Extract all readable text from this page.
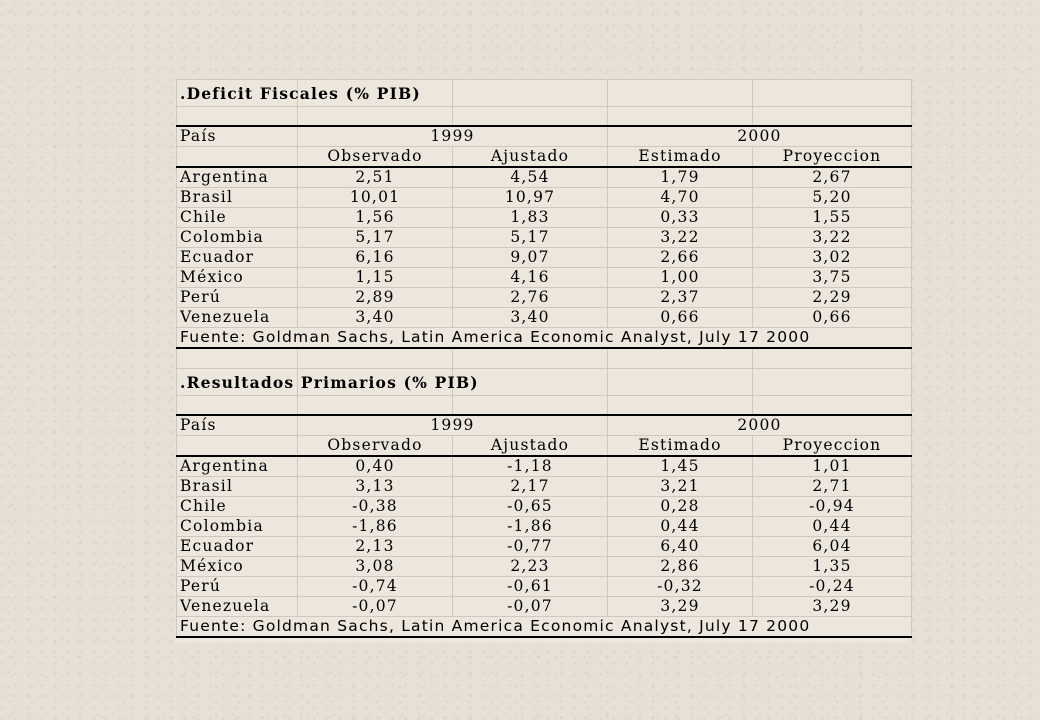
.Deficit Fiscales (% PIB)				

País	1999		2000	
	Observado	Ajustado	Estimado	Proyeccion
Argentina	2,51	4,54	1,79	2,67
Brasil	10,01	10,97	4,70	5,20
Chile	1,56	1,83	0,33	1,55
Colombia	5,17	5,17	3,22	3,22
Ecuador	6,16	9,07	2,66	3,02
México	1,15	4,16	1,00	3,75
Perú	2,89	2,76	2,37	2,29
Venezuela	3,40	3,40	0,66	0,66
Fuente: Goldman Sachs, Latin America Economic Analyst, July 17 2000				

.Resultados Primarios (% PIB)				

País	1999		2000	
	Observado	Ajustado	Estimado	Proyeccion
Argentina	0,40	-1,18	1,45	1,01
Brasil	3,13	2,17	3,21	2,71
Chile	-0,38	-0,65	0,28	-0,94
Colombia	-1,86	-1,86	0,44	0,44
Ecuador	2,13	-0,77	6,40	6,04
México	3,08	2,23	2,86	1,35
Perú	-0,74	-0,61	-0,32	-0,24
Venezuela	-0,07	-0,07	3,29	3,29
Fuente: Goldman Sachs, Latin America Economic Analyst, July 17 2000				
